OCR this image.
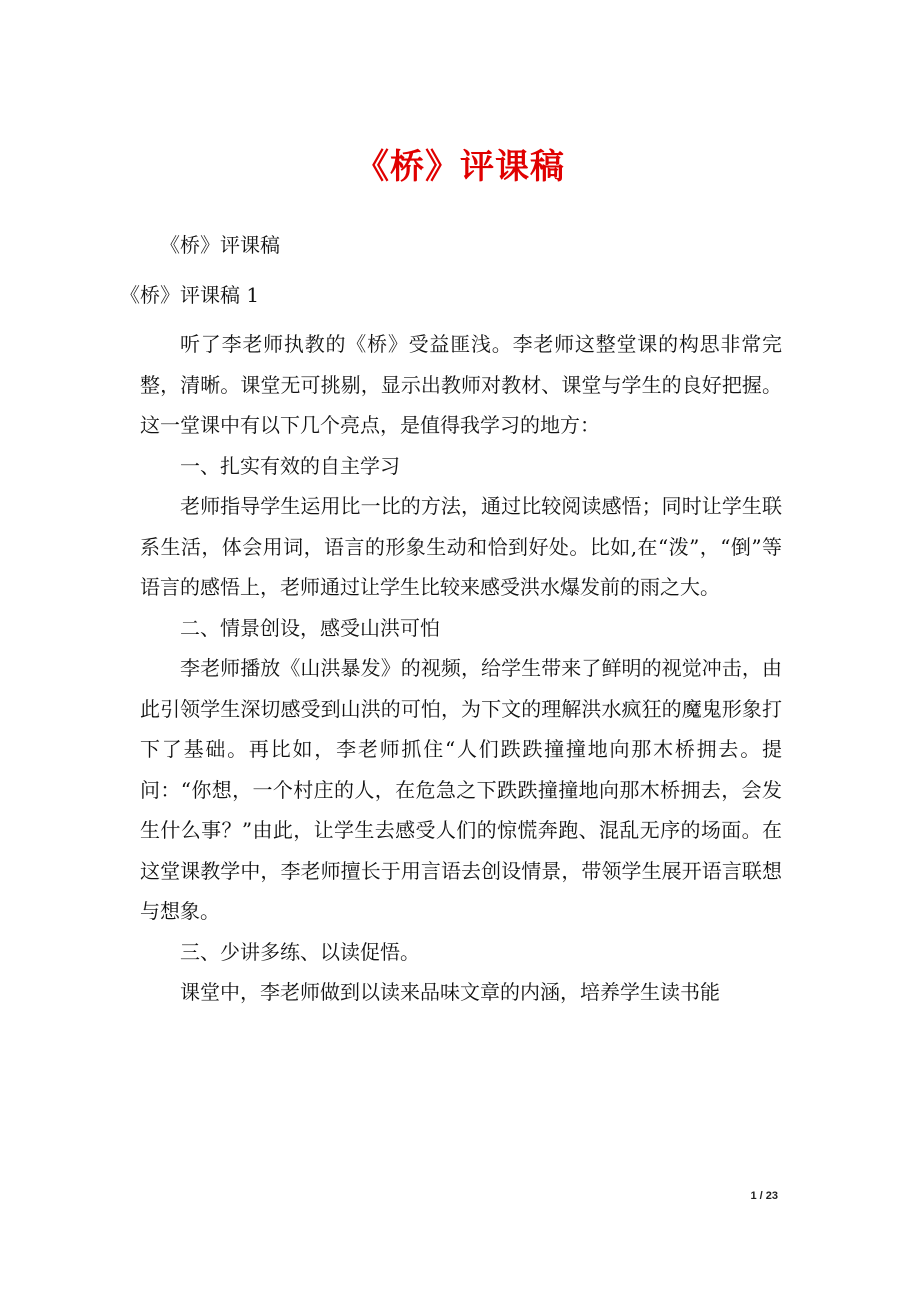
《桥》评课稿
《桥》评课稿
《桥》评课稿 1

听了李老师执教的《桥》受益匪浅。李老师这整堂课的构思非常完整，清晰。课堂无可挑剔，显示出教师对教材、课堂与学生的良好把握。这一堂课中有以下几个亮点，是值得我学习的地方：

一、扎实有效的自主学习

老师指导学生运用比一比的方法，通过比较阅读感悟；同时让学生联系生活，体会用词，语言的形象生动和恰到好处。比如,在“泼”，“倒”等语言的感悟上，老师通过让学生比较来感受洪水爆发前的雨之大。

二、情景创设，感受山洪可怕

李老师播放《山洪暴发》的视频，给学生带来了鲜明的视觉冲击，由此引领学生深切感受到山洪的可怕，为下文的理解洪水疯狂的魔鬼形象打下了基础。再比如，李老师抓住“人们跌跌撞撞地向那木桥拥去。提问：“你想，一个村庄的人，在危急之下跌跌撞撞地向那木桥拥去，会发生什么事？”由此，让学生去感受人们的惊慌奔跑、混乱无序的场面。在这堂课教学中，李老师擅长于用言语去创设情景，带领学生展开语言联想与想象。

三、少讲多练、以读促悟。

课堂中，李老师做到以读来品味文章的内涵，培养学生读书能

1 / 23
